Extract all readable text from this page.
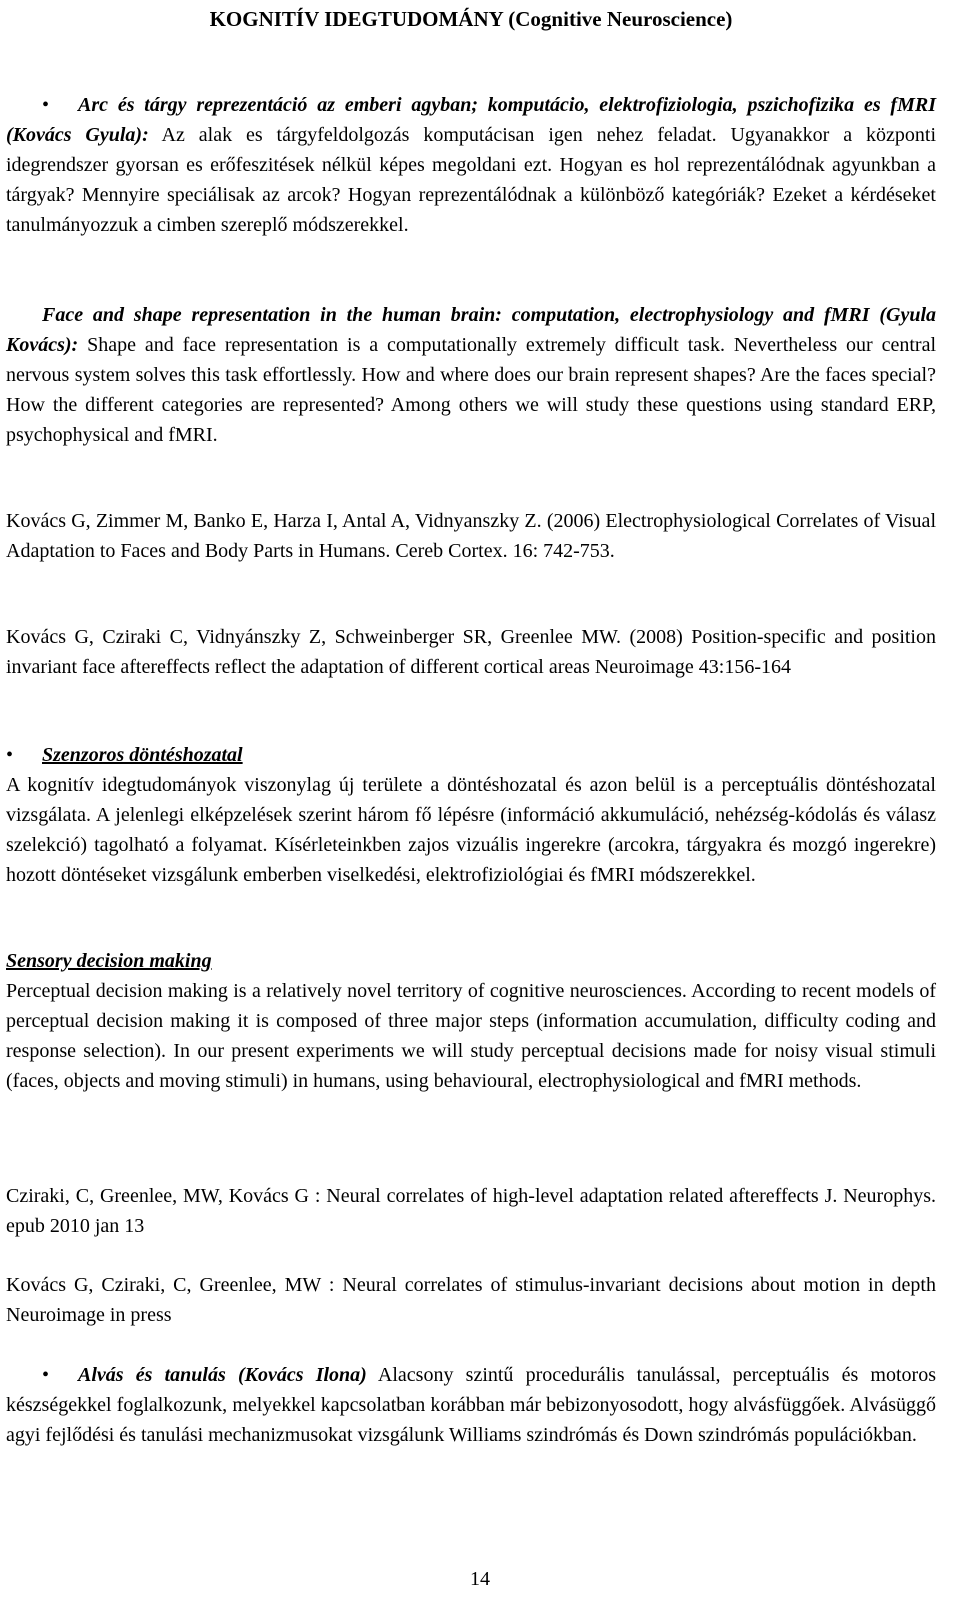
KOGNITÍV IDEGTUDOMÁNY (Cognitive Neuroscience)
• Arc és tárgy reprezentáció az emberi agyban; komputácio, elektrofiziologia, pszichofizika es fMRI (Kovács Gyula): Az alak es tárgyfeldolgozás komputácisan igen nehez feladat. Ugyanakkor a központi idegrendszer gyorsan es erőfeszitések nélkül képes megoldani ezt. Hogyan es hol reprezentálódnak agyunkban a tárgyak? Mennyire speciálisak az arcok? Hogyan reprezentálódnak a különböző kategóriák? Ezeket a kérdéseket tanulmányozzuk a cimben szereplő módszerekkel.
Face and shape representation in the human brain: computation, electrophysiology and fMRI (Gyula Kovács): Shape and face representation is a computationally extremely difficult task. Nevertheless our central nervous system solves this task effortlessly. How and where does our brain represent shapes? Are the faces special? How the different categories are represented? Among others we will study these questions using standard ERP, psychophysical and fMRI.
Kovács G, Zimmer M, Banko E, Harza I, Antal A, Vidnyanszky Z. (2006) Electrophysiological Correlates of Visual Adaptation to Faces and Body Parts in Humans. Cereb Cortex. 16: 742-753.
Kovács G, Cziraki C, Vidnyánszky Z, Schweinberger SR, Greenlee MW. (2008) Position-specific and position invariant face aftereffects reflect the adaptation of different cortical areas Neuroimage 43:156-164
• Szenzoros döntéshozatal
A kognitív idegtudományok viszonylag új területe a döntéshozatal és azon belül is a perceptuális döntéshozatal vizsgálata. A jelenlegi elképzelések szerint három fő lépésre (információ akkumuláció, nehézség-kódolás és válasz szelekció) tagolható a folyamat. Kísérleteinkben zajos vizuális ingerekre (arcokra, tárgyakra és mozgó ingerekre) hozott döntéseket vizsgálunk emberben viselkedési, elektrofiziológiai és fMRI módszerekkel.
Sensory decision making
Perceptual decision making is a relatively novel territory of cognitive neurosciences. According to recent models of perceptual decision making it is composed of three major steps (information accumulation, difficulty coding and response selection). In our present experiments we will study perceptual decisions made for noisy visual stimuli (faces, objects and moving stimuli) in humans, using behavioural, electrophysiological and fMRI methods.
Cziraki, C, Greenlee, MW, Kovács G : Neural correlates of high-level adaptation related aftereffects J. Neurophys. epub 2010 jan 13
Kovács G, Cziraki, C, Greenlee, MW : Neural correlates of stimulus-invariant decisions about motion in depth Neuroimage in press
• Alvás és tanulás (Kovács Ilona) Alacsony szintű procedurális tanulással, perceptuális és motoros készségekkel foglalkozunk, melyekkel kapcsolatban korábban már bebizonyosodott, hogy alvásfüggőek. Alvásüggő agyi fejlődési és tanulási mechanizmusokat vizsgálunk Williams szindrómás és Down szindrómás populációkban.
14
